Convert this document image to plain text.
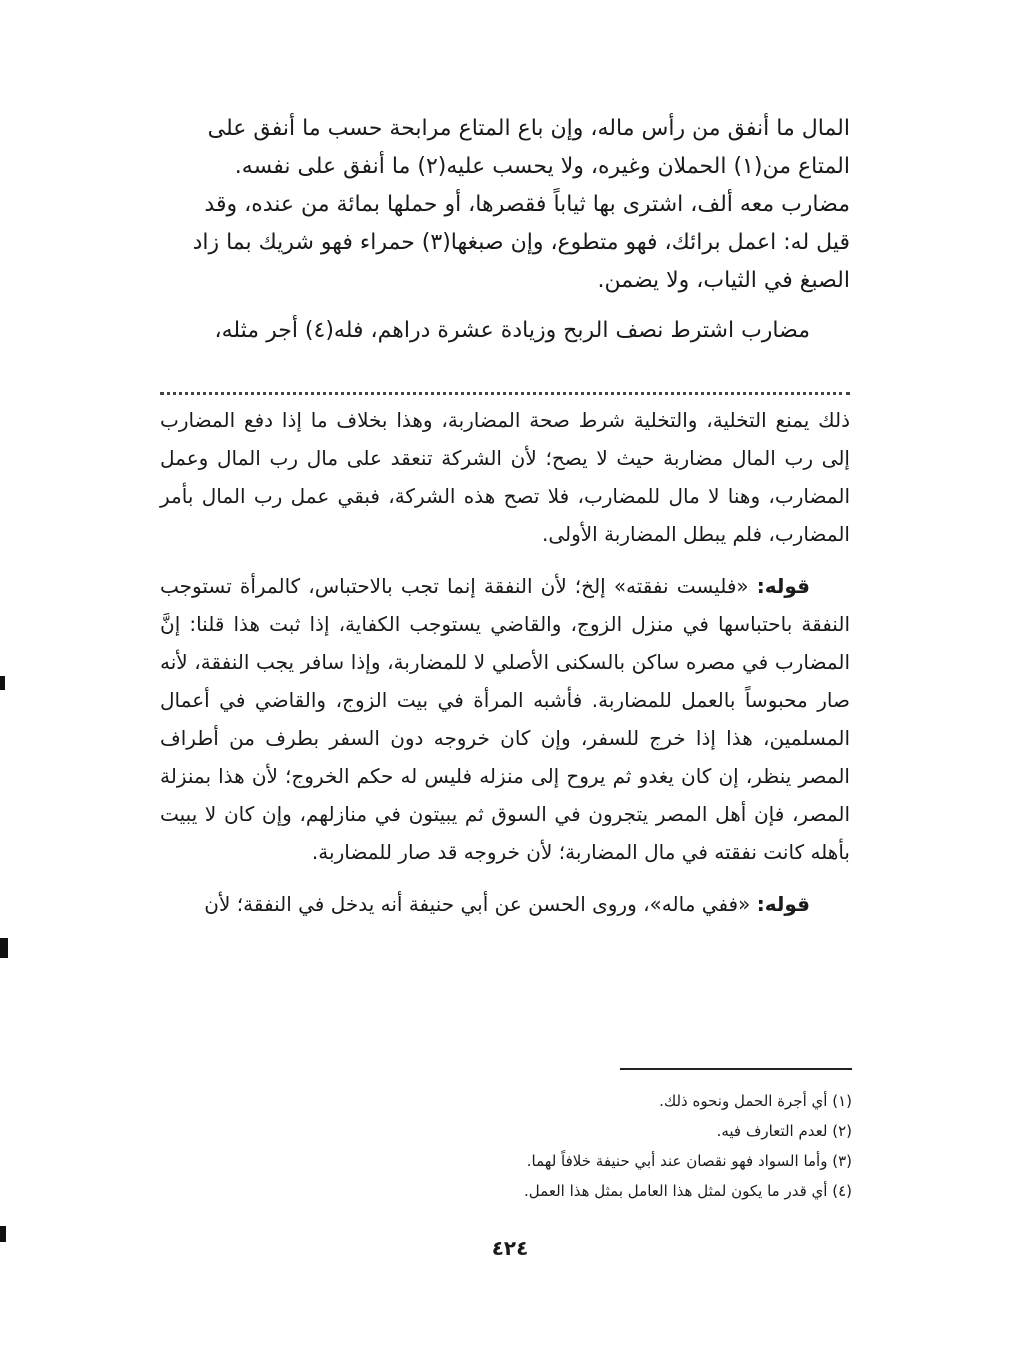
المال ما أنفق من رأس ماله، وإن باع المتاع مرابحة حسب ما أنفق على

المتاع من(١) الحملان وغيره، ولا يحسب عليه(٢) ما أنفق على نفسه.

مضارب معه ألف، اشترى بها ثياباً فقصرها، أو حملها بمائة من عنده، وقد

قيل له: اعمل برائك، فهو متطوع، وإن صبغها(٣) حمراء فهو شريك بما زاد

الصبغ في الثياب، ولا يضمن.

مضارب اشترط نصف الربح وزيادة عشرة دراهم، فله(٤) أجر مثله،

ذلك يمنع التخلية، والتخلية شرط صحة المضاربة، وهذا بخلاف ما إذا دفع المضارب إلى رب المال مضاربة حيث لا يصح؛ لأن الشركة تنعقد على مال رب المال وعمل المضارب، وهنا لا مال للمضارب، فلا تصح هذه الشركة، فبقي عمل رب المال بأمر المضارب، فلم يبطل المضاربة الأولى.

قوله: «فليست نفقته» إلخ؛ لأن النفقة إنما تجب بالاحتباس، كالمرأة تستوجب النفقة باحتباسها في منزل الزوج، والقاضي يستوجب الكفاية، إذا ثبت هذا قلنا: إنَّ المضارب في مصره ساكن بالسكنى الأصلي لا للمضاربة، وإذا سافر يجب النفقة، لأنه صار محبوساً بالعمل للمضاربة. فأشبه المرأة في بيت الزوج، والقاضي في أعمال المسلمين، هذا إذا خرج للسفر، وإن كان خروجه دون السفر بطرف من أطراف المصر ينظر، إن كان يغدو ثم يروح إلى منزله فليس له حكم الخروج؛ لأن هذا بمنزلة المصر، فإن أهل المصر يتجرون في السوق ثم يبيتون في منازلهم، وإن كان لا يبيت بأهله كانت نفقته في مال المضاربة؛ لأن خروجه قد صار للمضاربة.

قوله: «ففي ماله»، وروى الحسن عن أبي حنيفة أنه يدخل في النفقة؛ لأن

(١) أي أجرة الحمل ونحوه ذلك.
(٢) لعدم التعارف فيه.
(٣) وأما السواد فهو نقصان عند أبي حنيفة خلافاً لهما.
(٤) أي قدر ما يكون لمثل هذا العامل بمثل هذا العمل.
٤٢٤
